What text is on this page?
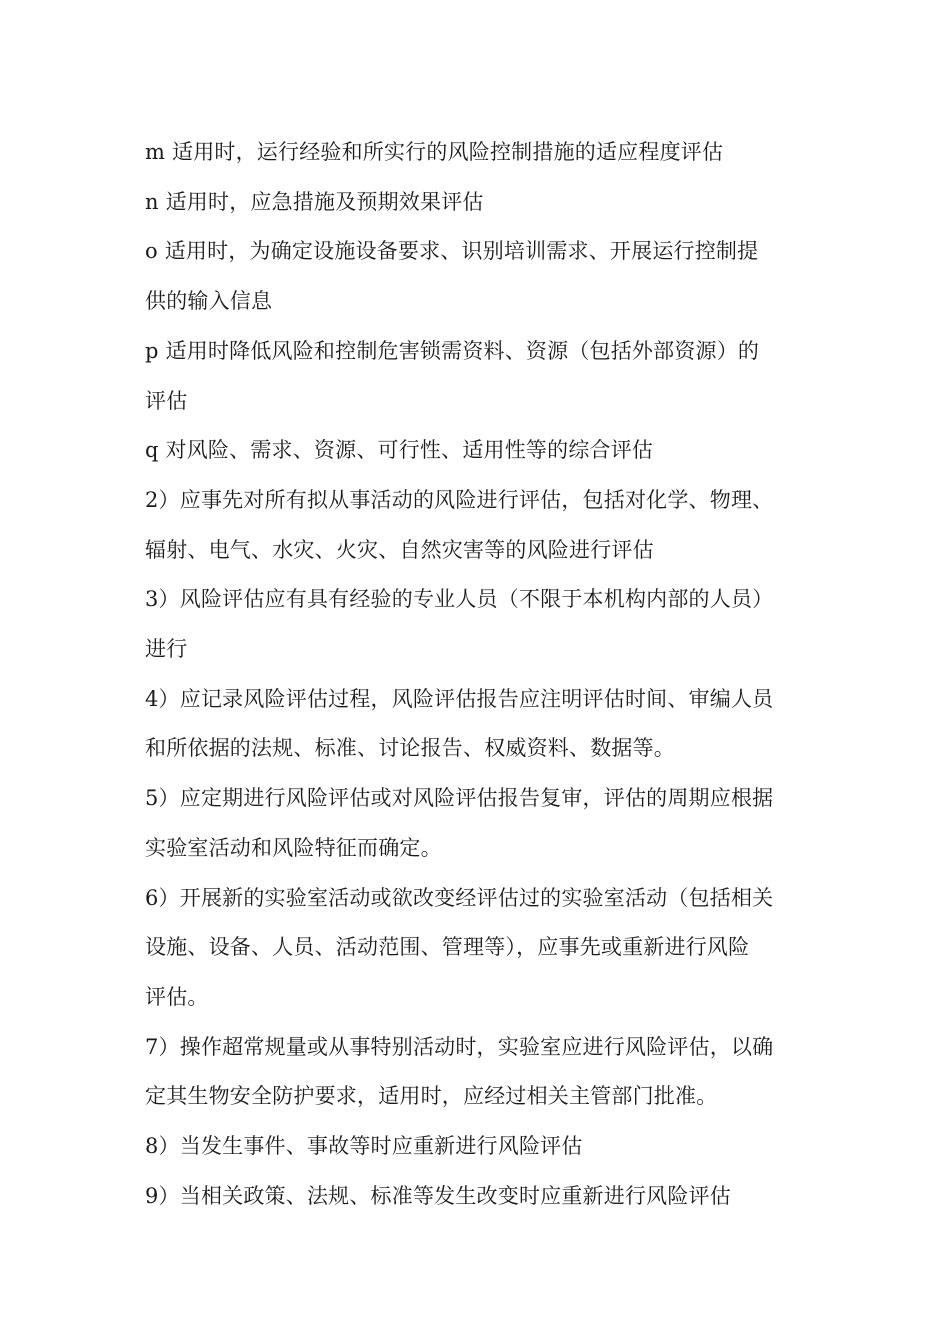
m 适用时，运行经验和所实行的风险控制措施的适应程度评估

n 适用时，应急措施及预期效果评估

o 适用时，为确定设施设备要求、识别培训需求、开展运行控制提

供的输入信息

p 适用时降低风险和控制危害锁需资料、资源（包括外部资源）的

评估

q 对风险、需求、资源、可行性、适用性等的综合评估

2）应事先对所有拟从事活动的风险进行评估，包括对化学、物理、

辐射、电气、水灾、火灾、自然灾害等的风险进行评估

3）风险评估应有具有经验的专业人员（不限于本机构内部的人员）

进行

4）应记录风险评估过程，风险评估报告应注明评估时间、审编人员

和所依据的法规、标准、讨论报告、权威资料、数据等。

5）应定期进行风险评估或对风险评估报告复审，评估的周期应根据

实验室活动和风险特征而确定。

6）开展新的实验室活动或欲改变经评估过的实验室活动（包括相关

设施、设备、人员、活动范围、管理等），应事先或重新进行风险

评估。

7）操作超常规量或从事特别活动时，实验室应进行风险评估，以确

定其生物安全防护要求，适用时，应经过相关主管部门批准。

8）当发生事件、事故等时应重新进行风险评估

9）当相关政策、法规、标准等发生改变时应重新进行风险评估
